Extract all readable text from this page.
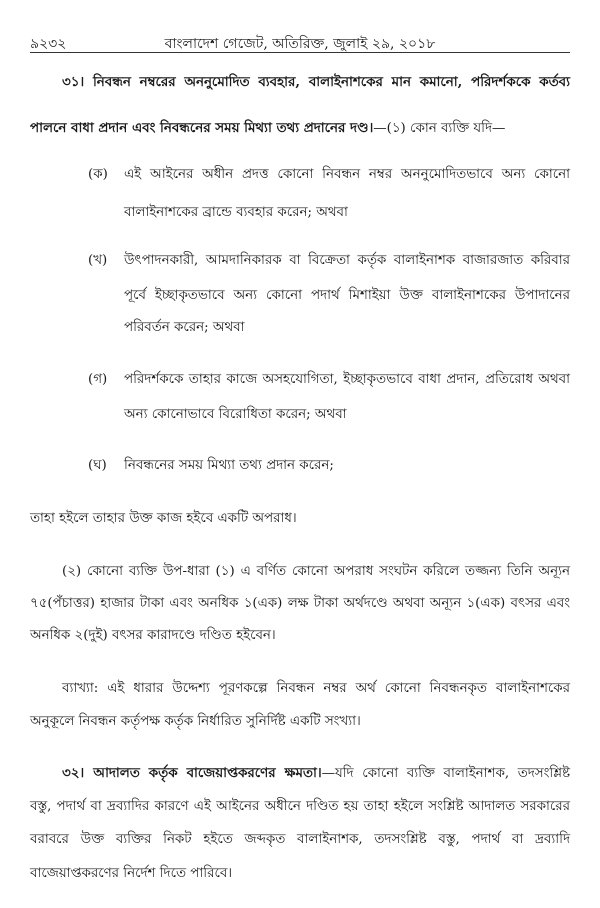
৯২৩২	বাংলাদেশ গেজেট, অতিরিক্ত, জুলাই ২৯, ২০১৮
৩১। নিবন্ধন নম্বরের অননুমোদিত ব্যবহার, বালাইনাশকের মান কমানো, পরিদর্শককে কর্তব্য
পালনে বাধা প্রদান এবং নিবন্ধনের সময় মিথ্যা তথ্য প্রদানের দণ্ড।—(১) কোন ব্যক্তি যদি—
(ক) এই আইনের অধীন প্রদত্ত কোনো নিবন্ধন নম্বর অননুমোদিতভাবে অন্য কোনো
বালাইনাশকের ব্রান্ডে ব্যবহার করেন; অথবা
(খ) উৎপাদনকারী, আমদানিকারক বা বিক্রেতা কর্তৃক বালাইনাশক বাজারজাত করিবার
পূর্বে ইচ্ছাকৃতভাবে অন্য কোনো পদার্থ মিশাইয়া উক্ত বালাইনাশকের উপাদানের
পরিবর্তন করেন; অথবা
(গ) পরিদর্শককে তাহার কাজে অসহযোগিতা, ইচ্ছাকৃতভাবে বাধা প্রদান, প্রতিরোধ অথবা
অন্য কোনোভাবে বিরোধিতা করেন; অথবা
(ঘ) নিবন্ধনের সময় মিথ্যা তথ্য প্রদান করেন;
তাহা হইলে তাহার উক্ত কাজ হইবে একটি অপরাধ।
(২) কোনো ব্যক্তি উপ-ধারা (১) এ বর্ণিত কোনো অপরাধ সংঘটন করিলে তজ্জন্য তিনি অন্যূন
৭৫(পঁচাত্তর) হাজার টাকা এবং অনধিক ১(এক) লক্ষ টাকা অর্থদণ্ডে অথবা অন্যূন ১(এক) বৎসর এবং
অনধিক ২(দুই) বৎসর কারাদণ্ডে দণ্ডিত হইবেন।
ব্যাখ্যা: এই ধারার উদ্দেশ্য পূরণকল্পে নিবন্ধন নম্বর অর্থ কোনো নিবন্ধনকৃত বালাইনাশকের
অনুকূলে নিবন্ধন কর্তৃপক্ষ কর্তৃক নির্ধারিত সুনির্দিষ্ট একটি সংখ্যা।
৩২। আদালত কর্তৃক বাজেয়াপ্তকরণের ক্ষমতা।—যদি কোনো ব্যক্তি বালাইনাশক, তদসংশ্লিষ্ট
বস্তু, পদার্থ বা দ্রব্যাদির কারণে এই আইনের অধীনে দণ্ডিত হয় তাহা হইলে সংশ্লিষ্ট আদালত সরকারের
বরাবরে উক্ত ব্যক্তির নিকট হইতে জব্দকৃত বালাইনাশক, তদসংশ্লিষ্ট বস্তু, পদার্থ বা দ্রব্যাদি
বাজেয়াপ্তকরণের নির্দেশ দিতে পারিবে।
